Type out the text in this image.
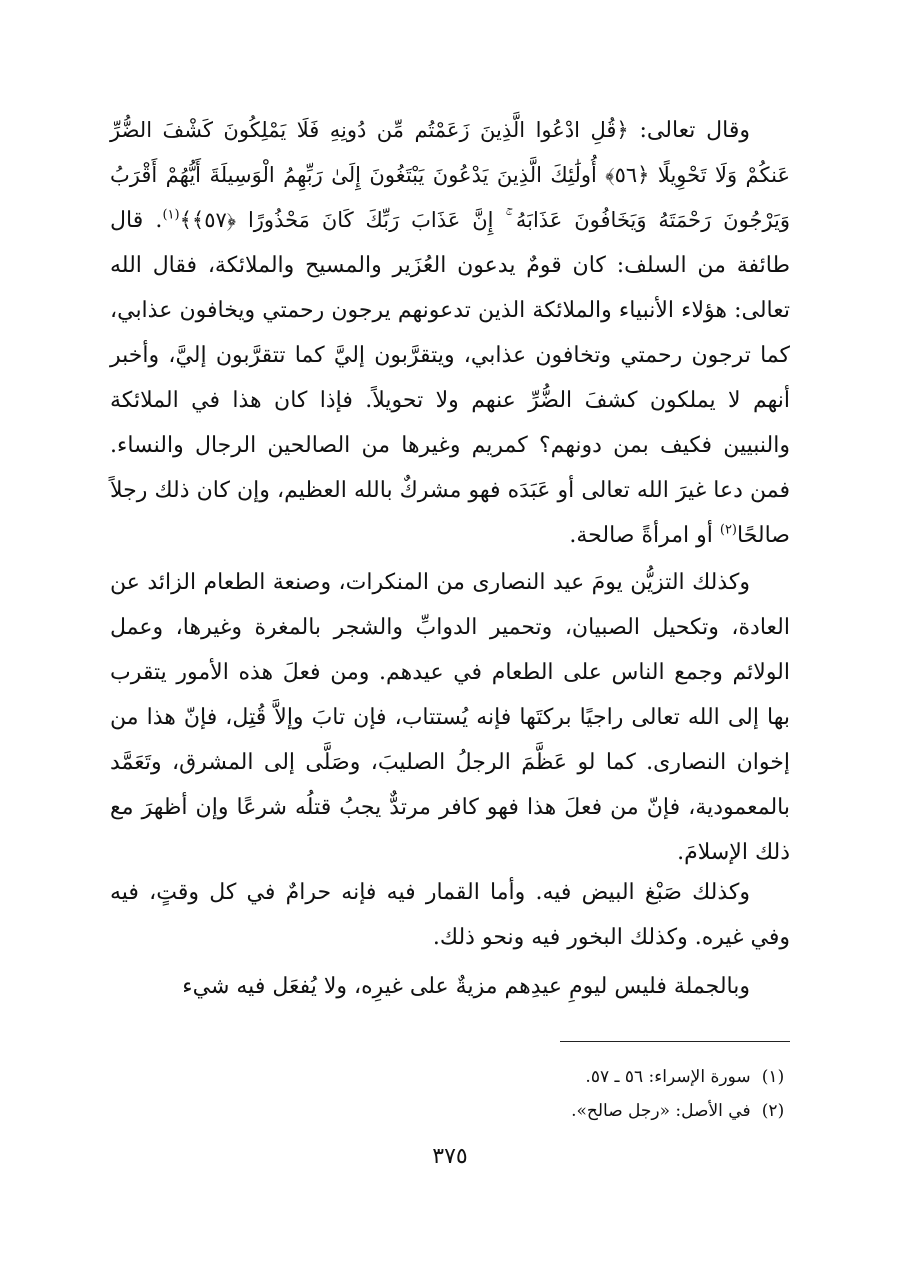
وقال تعالى: ﴿قُلِ ادْعُوا الَّذِينَ زَعَمْتُم مِّن دُونِهِ فَلَا يَمْلِكُونَ كَشْفَ الضُّرِّ عَنكُمْ وَلَا تَحْوِيلًا ﴿٥٦﴾ أُولَٰئِكَ الَّذِينَ يَدْعُونَ يَبْتَغُونَ إِلَىٰ رَبِّهِمُ الْوَسِيلَةَ أَيُّهُمْ أَقْرَبُ وَيَرْجُونَ رَحْمَتَهُ وَيَخَافُونَ عَذَابَهُ ۚ إِنَّ عَذَابَ رَبِّكَ كَانَ مَحْذُورًا ﴿٥٧﴾﴾$^{(١)}$. قال طائفة من السلف: كان قومٌ يدعون العُزَير والمسيح والملائكة، فقال الله تعالى: هؤلاء الأنبياء والملائكة الذين تدعونهم يرجون رحمتي ويخافون عذابي، كما ترجون رحمتي وتخافون عذابي، ويتقرَّبون إليَّ كما تتقرَّبون إليَّ، وأخبر أنهم لا يملكون كشفَ الضُّرِّ عنهم ولا تحويلاً. فإذا كان هذا في الملائكة والنبيين فكيف بمن دونهم؟ كمريم وغيرها من الصالحين الرجال والنساء. فمن دعا غيرَ الله تعالى أو عَبَدَه فهو مشركٌ بالله العظيم، وإن كان ذلك رجلاً صالحًا$^{(٢)}$ أو امرأةً صالحة.

وكذلك التزيُّن يومَ عيد النصارى من المنكرات، وصنعة الطعام الزائد عن العادة، وتكحيل الصبيان، وتحمير الدوابِّ والشجر بالمغرة وغيرها، وعمل الولائم وجمع الناس على الطعام في عيدهم. ومن فعلَ هذه الأمور يتقرب بها إلى الله تعالى راجيًا بركتَها فإنه يُستتاب، فإن تابَ وإلاَّ قُتِل، فإنّ هذا من إخوان النصارى. كما لو عَظَّمَ الرجلُ الصليبَ، وصَلَّى إلى المشرق، وتَعَمَّد بالمعمودية، فإنّ من فعلَ هذا فهو كافر مرتدٌّ يجبُ قتلُه شرعًا وإن أظهرَ مع ذلك الإسلامَ.

وكذلك صَبْغ البيض فيه. وأما القمار فيه فإنه حرامٌ في كل وقتٍ، فيه وفي غيره. وكذلك البخور فيه ونحو ذلك.

وبالجملة فليس ليومِ عيدِهم مزيةٌ على غيرِه، ولا يُفعَل فيه شيء

(١) سورة الإسراء: ٥٦ ـ ٥٧.
(٢) في الأصل: «رجل صالح».
٣٧٥
